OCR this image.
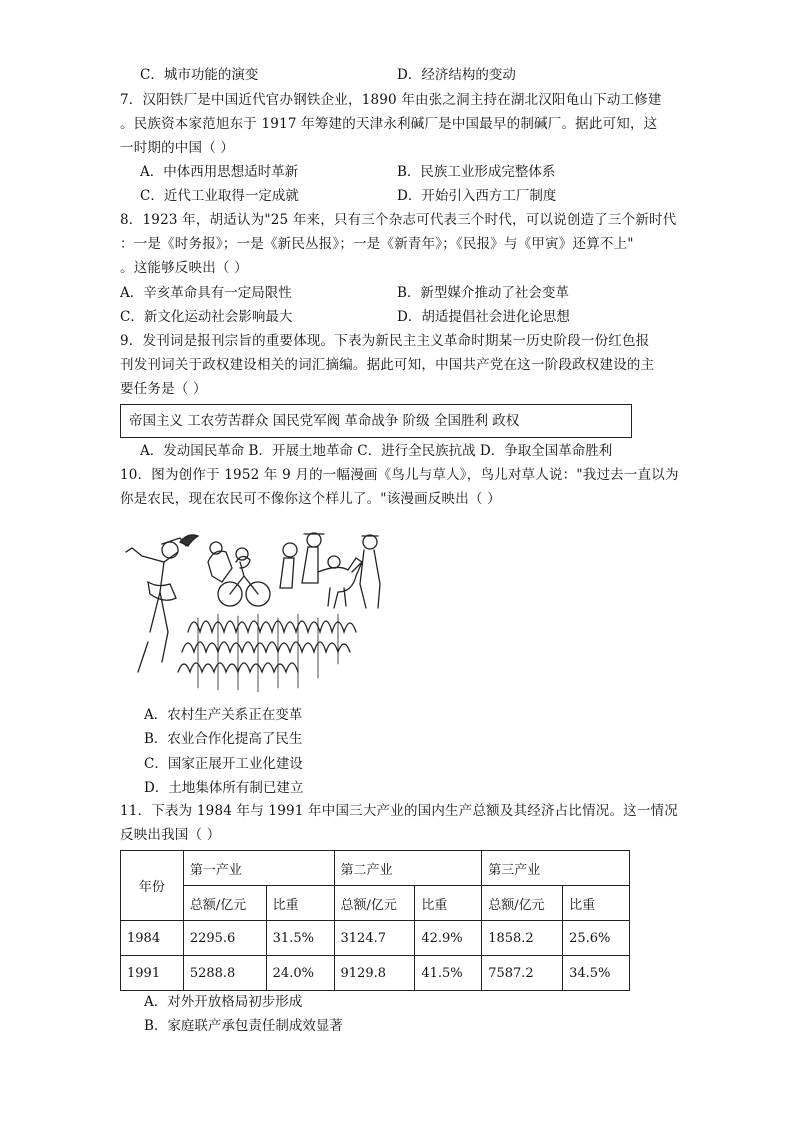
C．城市功能的演变	D．经济结构的变动
7．汉阳铁厂是中国近代官办钢铁企业，1890 年由张之洞主持在湖北汉阳龟山下动工修建
。民族资本家范旭东于 1917 年筹建的天津永利碱厂是中国最早的制碱厂。据此可知，这
一时期的中国（ ）
A．中体西用思想适时革新	B．民族工业形成完整体系
C．近代工业取得一定成就	D．开始引入西方工厂制度
8．1923 年，胡适认为"25 年来，只有三个杂志可代表三个时代，可以说创造了三个新时代
：一是《时务报》；一是《新民丛报》；一是《新青年》；《民报》与《甲寅》还算不上"
。这能够反映出（ ）
A．辛亥革命具有一定局限性	B．新型媒介推动了社会变革
C．新文化运动社会影响最大	D．胡适提倡社会进化论思想
9．发刊词是报刊宗旨的重要体现。下表为新民主主义革命时期某一历史阶段一份红色报
刊发刊词关于政权建设相关的词汇摘编。据此可知，中国共产党在这一阶段政权建设的主
要任务是（ ）
帝国主义 工农劳苦群众 国民党军阀 革命战争 阶级 全国胜利 政权
A．发动国民革命 B．开展土地革命 C．进行全民族抗战 D．争取全国革命胜利
10．图为创作于 1952 年 9 月的一幅漫画《鸟儿与草人》，鸟儿对草人说："我过去一直以为
你是农民，现在农民可不像你这个样儿了。"该漫画反映出（ ）
A．农村生产关系正在变革
B．农业合作化提高了民生
C．国家正展开工业化建设
D．土地集体所有制已建立
11．下表为 1984 年与 1991 年中国三大产业的国内生产总额及其经济占比情况。这一情况
反映出我国（ ）
年份	第一产业		第二产业		第三产业	
	总额/亿元	比重	总额/亿元	比重	总额/亿元	比重
1984	2295.6	31.5%	3124.7	42.9%	1858.2	25.6%
1991	5288.8	24.0%	9129.8	41.5%	7587.2	34.5%
A．对外开放格局初步形成
B．家庭联产承包责任制成效显著
